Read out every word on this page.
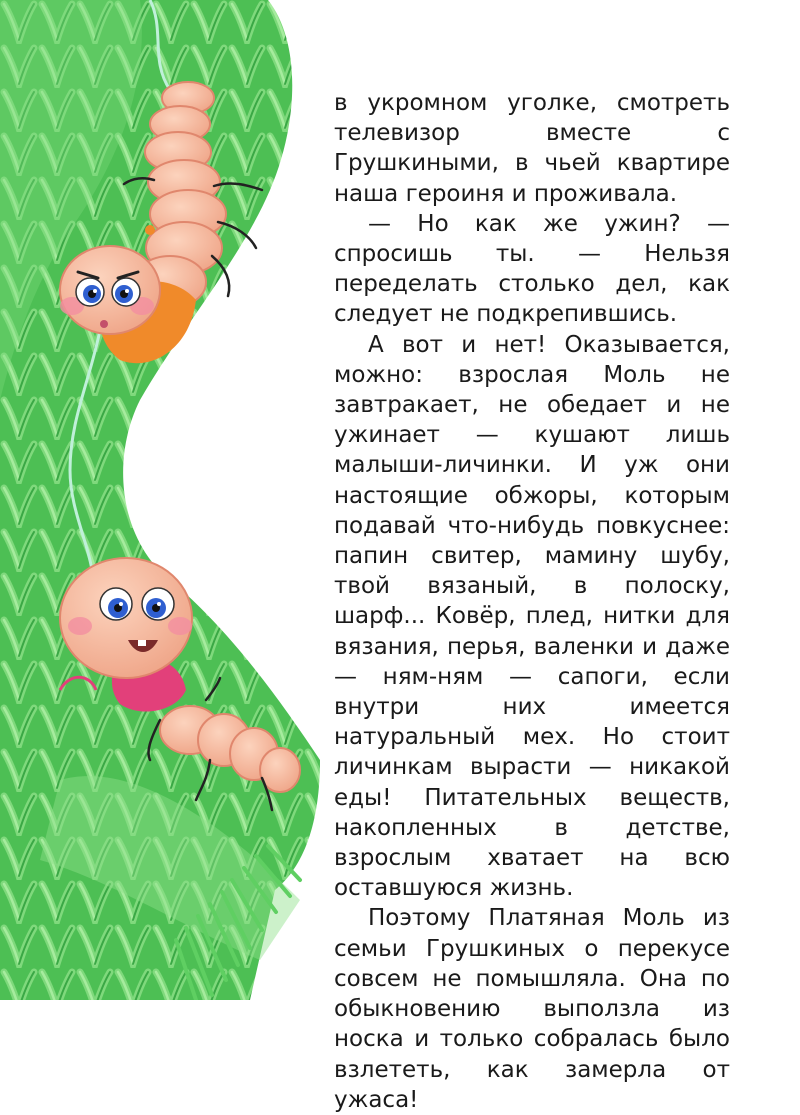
в укромном уголке, смотреть телевизор вместе с Грушкиными, в чьей квартире наша героиня и проживала.

— Но как же ужин? — спросишь ты. — Нельзя переделать столько дел, как следует не подкрепившись.

А вот и нет! Оказывается, можно: взрослая Моль не завтракает, не обедает и не ужинает — кушают лишь малыши-личинки. И уж они настоящие обжоры, которым подавай что-нибудь повкуснее: папин свитер, мамину шубу, твой вязаный, в полоску, шарф... Ковёр, плед, нитки для вязания, перья, валенки и даже — ням-ням — сапоги, если внутри них имеется натуральный мех. Но стоит личинкам вырасти — никакой еды! Питательных веществ, накопленных в детстве, взрослым хватает на всю оставшуюся жизнь.

Поэтому Платяная Моль из семьи Грушкиных о перекусе совсем не помышляла. Она по обыкновению выползла из носка и только собралась было взлететь, как замерла от ужаса!
